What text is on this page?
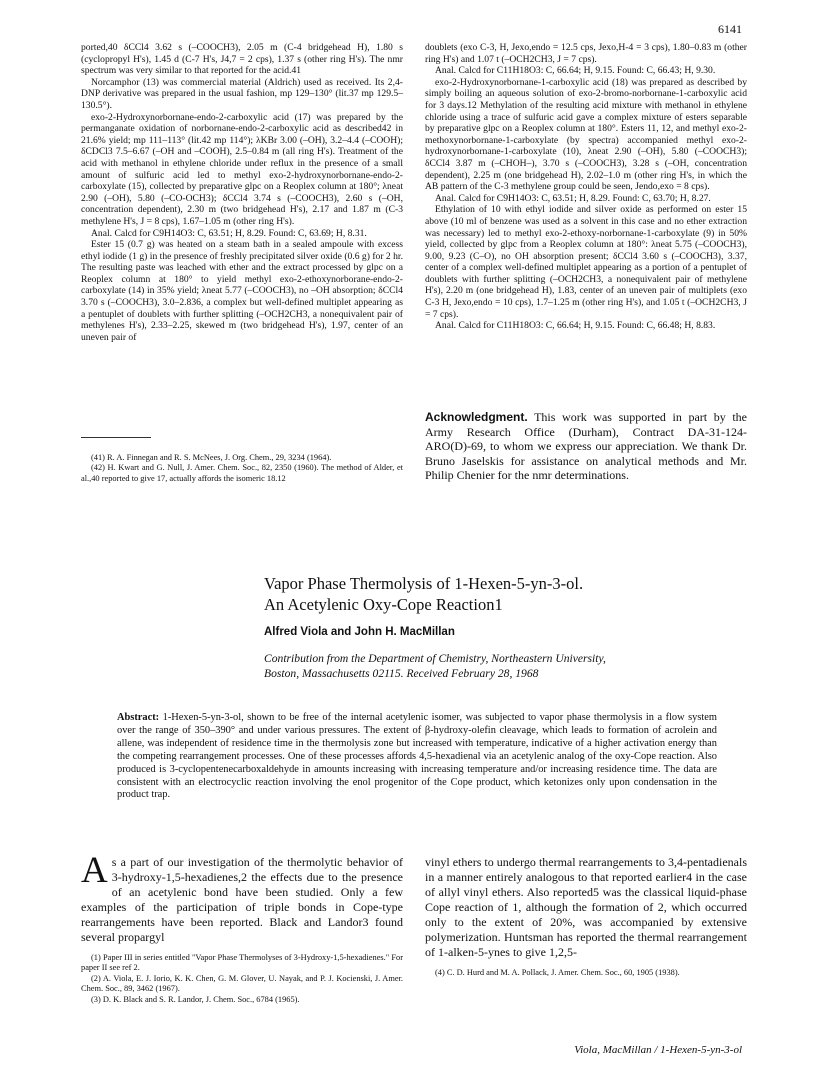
6141

ported,40 δCCl4 3.62 s (–COOCH3), 2.05 m (C-4 bridgehead H), 1.80 s (cyclopropyl H's), 1.45 d (C-7 H's, J4,7 = 2 cps), 1.37 s (other ring H's). The nmr spectrum was very similar to that reported for the acid.41

Norcamphor (13) was commercial material (Aldrich) used as received. Its 2,4-DNP derivative was prepared in the usual fashion, mp 129–130° (lit.37 mp 129.5–130.5°).

exo-2-Hydroxynorbornane-endo-2-carboxylic acid (17) was prepared by the permanganate oxidation of norbornane-endo-2-carboxylic acid as described42 in 21.6% yield; mp 111–113° (lit.42 mp 114°); λKBr 3.00 (–OH), 3.2–4.4 (–COOH); δCDCl3 7.5–6.67 (–OH and –COOH), 2.5–0.84 m (all ring H's). Treatment of the acid with methanol in ethylene chloride under reflux in the presence of a small amount of sulfuric acid led to methyl exo-2-hydroxynorbornane-endo-2-carboxylate (15), collected by preparative glpc on a Reoplex column at 180°; λneat 2.90 (–OH), 5.80 (–CO-OCH3); δCCl4 3.74 s (–COOCH3), 2.60 s (–OH, concentration dependent), 2.30 m (two bridgehead H's), 2.17 and 1.87 m (C-3 methylene H's, J = 8 cps), 1.67–1.05 m (other ring H's).

Anal. Calcd for C9H14O3: C, 63.51; H, 8.29. Found: C, 63.69; H, 8.31.

Ester 15 (0.7 g) was heated on a steam bath in a sealed ampoule with excess ethyl iodide (1 g) in the presence of freshly precipitated silver oxide (0.6 g) for 2 hr. The resulting paste was leached with ether and the extract processed by glpc on a Reoplex column at 180° to yield methyl exo-2-ethoxynorborane-endo-2-carboxylate (14) in 35% yield; λneat 5.77 (–COOCH3), no –OH absorption; δCCl4 3.70 s (–COOCH3), 3.0–2.836, a complex but well-defined multiplet appearing as a pentuplet of doublets with further splitting (–OCH2CH3, a nonequivalent pair of methylenes H's), 2.33–2.25, skewed m (two bridgehead H's), 1.97, center of an uneven pair of

doublets (exo C-3, H, Jexo,endo = 12.5 cps, Jexo,H-4 = 3 cps), 1.80–0.83 m (other ring H's) and 1.07 t (–OCH2CH3, J = 7 cps).

Anal. Calcd for C11H18O3: C, 66.64; H, 9.15. Found: C, 66.43; H, 9.30.

exo-2-Hydroxynorbornane-1-carboxylic acid (18) was prepared as described by simply boiling an aqueous solution of exo-2-bromo-norbornane-1-carboxylic acid for 3 days.12 Methylation of the resulting acid mixture with methanol in ethylene chloride using a trace of sulfuric acid gave a complex mixture of esters separable by preparative glpc on a Reoplex column at 180°. Esters 11, 12, and methyl exo-2-methoxynorbornane-1-carboxylate (by spectra) accompanied methyl exo-2-hydroxynorbornane-1-carboxylate (10), λneat 2.90 (–OH), 5.80 (–COOCH3); δCCl4 3.87 m (–CHOH–), 3.70 s (–COOCH3), 3.28 s (–OH, concentration dependent), 2.25 m (one bridgehead H), 2.02–1.0 m (other ring H's, in which the AB pattern of the C-3 methylene group could be seen, Jendo,exo = 8 cps).

Anal. Calcd for C9H14O3: C, 63.51; H, 8.29. Found: C, 63.70; H, 8.27.

Ethylation of 10 with ethyl iodide and silver oxide as performed on ester 15 above (10 ml of benzene was used as a solvent in this case and no ether extraction was necessary) led to methyl exo-2-ethoxy-norbornane-1-carboxylate (9) in 50% yield, collected by glpc from a Reoplex column at 180°: λneat 5.75 (–COOCH3), 9.00, 9.23 (C–O), no OH absorption present; δCCl4 3.60 s (–COOCH3), 3.37, center of a complex well-defined multiplet appearing as a portion of a pentuplet of doublets with further splitting (–OCH2CH3, a nonequivalent pair of methylene H's), 2.20 m (one bridgehead H), 1.83, center of an uneven pair of multiplets (exo C-3 H, Jexo,endo = 10 cps), 1.7–1.25 m (other ring H's), and 1.05 t (–OCH2CH3, J = 7 cps).

Anal. Calcd for C11H18O3: C, 66.64; H, 9.15. Found: C, 66.48; H, 8.83.

Acknowledgment. This work was supported in part by the Army Research Office (Durham), Contract DA-31-124-ARO(D)-69, to whom we express our appreciation. We thank Dr. Bruno Jaselskis for assistance on analytical methods and Mr. Philip Chenier for the nmr determinations.

(41) R. A. Finnegan and R. S. McNees, J. Org. Chem., 29, 3234 (1964).

(42) H. Kwart and G. Null, J. Amer. Chem. Soc., 82, 2350 (1960). The method of Alder, et al.,40 reported to give 17, actually affords the isomeric 18.12

Vapor Phase Thermolysis of 1-Hexen-5-yn-3-ol.
An Acetylenic Oxy-Cope Reaction1
Alfred Viola and John H. MacMillan
Contribution from the Department of Chemistry, Northeastern University,
Boston, Massachusetts 02115. Received February 28, 1968
Abstract: 1-Hexen-5-yn-3-ol, shown to be free of the internal acetylenic isomer, was subjected to vapor phase thermolysis in a flow system over the range of 350–390° and under various pressures. The extent of β-hydroxy-olefin cleavage, which leads to formation of acrolein and allene, was independent of residence time in the thermolysis zone but increased with temperature, indicative of a higher activation energy than the competing rearrangement processes. One of these processes affords 4,5-hexadienal via an acetylenic analog of the oxy-Cope reaction. Also produced is 3-cyclopentenecarboxaldehyde in amounts increasing with increasing temperature and/or increasing residence time. The data are consistent with an electrocyclic reaction involving the enol progenitor of the Cope product, which ketonizes only upon condensation in the product trap.
As a part of our investigation of the thermolytic behavior of 3-hydroxy-1,5-hexadienes,2 the effects due to the presence of an acetylenic bond have been studied. Only a few examples of the participation of triple bonds in Cope-type rearrangements have been reported. Black and Landor3 found several propargyl

(1) Paper III in series entitled "Vapor Phase Thermolyses of 3-Hydroxy-1,5-hexadienes." For paper II see ref 2.

(2) A. Viola, E. J. Iorio, K. K. Chen, G. M. Glover, U. Nayak, and P. J. Kocienski, J. Amer. Chem. Soc., 89, 3462 (1967).

(3) D. K. Black and S. R. Landor, J. Chem. Soc., 6784 (1965).

vinyl ethers to undergo thermal rearrangements to 3,4-pentadienals in a manner entirely analogous to that reported earlier4 in the case of allyl vinyl ethers. Also reported5 was the classical liquid-phase Cope reaction of 1, although the formation of 2, which occurred only to the extent of 20%, was accompanied by extensive polymerization. Huntsman has reported the thermal rearrangement of 1-alken-5-ynes to give 1,2,5-

(4) C. D. Hurd and M. A. Pollack, J. Amer. Chem. Soc., 60, 1905 (1938).

Viola, MacMillan / 1-Hexen-5-yn-3-ol
